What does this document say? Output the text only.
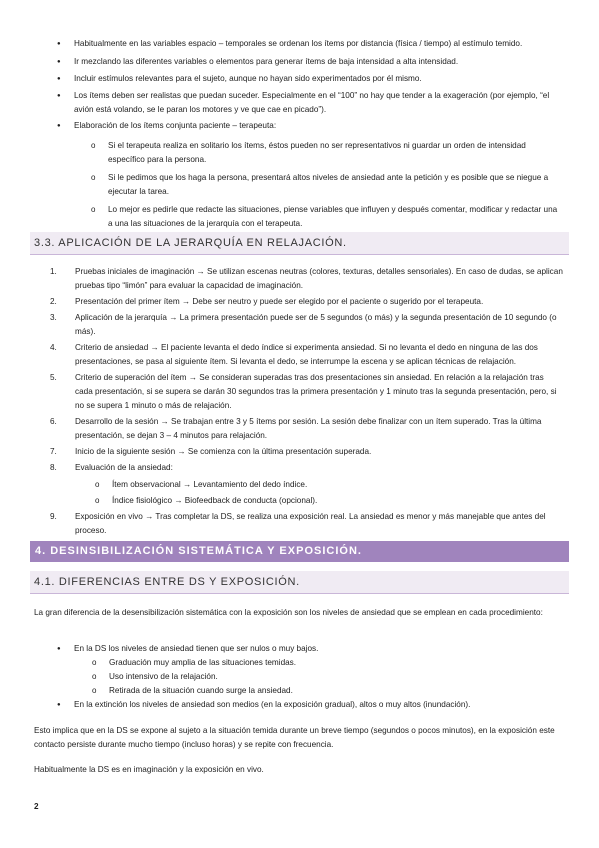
● Habitualmente en las variables espacio – temporales se ordenan los ítems por distancia (física / tiempo) al estímulo temido.
● Ir mezclando las diferentes variables o elementos para generar ítems de baja intensidad a alta intensidad.
● Incluir estímulos relevantes para el sujeto, aunque no hayan sido experimentados por él mismo.
● Los ítems deben ser realistas que puedan suceder. Especialmente en el “100” no hay que tender a la exageración (por ejemplo, “el avión está volando, se le paran los motores y ve que cae en picado”).
● Elaboración de los ítems conjunta paciente – terapeuta:
o Si el terapeuta realiza en solitario los ítems, éstos pueden no ser representativos ni guardar un orden de intensidad específico para la persona.
o Si le pedimos que los haga la persona, presentará altos niveles de ansiedad ante la petición y es posible que se niegue a ejecutar la tarea.
o Lo mejor es pedirle que redacte las situaciones, piense variables que influyen y después comentar, modificar y redactar una a una las situaciones de la jerarquía con el terapeuta.
3.3. APLICACIÓN DE LA JERARQUÍA EN RELAJACIÓN.
1.	Pruebas iniciales de imaginación → Se utilizan escenas neutras (colores, texturas, detalles sensoriales). En caso de dudas, se aplican pruebas tipo “limón” para evaluar la capacidad de imaginación.
2.	Presentación del primer ítem → Debe ser neutro y puede ser elegido por el paciente o sugerido por el terapeuta.
3.	Aplicación de la jerarquía → La primera presentación puede ser de 5 segundos (o más) y la segunda presentación de 10 segundo (o más).
4.	Criterio de ansiedad → El paciente levanta el dedo índice si experimenta ansiedad. Si no levanta el dedo en ninguna de las dos presentaciones, se pasa al siguiente ítem. Si levanta el dedo, se interrumpe la escena y se aplican técnicas de relajación.
5.	Criterio de superación del ítem → Se consideran superadas tras dos presentaciones sin ansiedad. En relación a la relajación tras cada presentación, si se supera se darán 30 segundos tras la primera presentación y 1 minuto tras la segunda presentación, pero, si no se supera 1 minuto o más de relajación.
6.	Desarrollo de la sesión → Se trabajan entre 3 y 5 ítems por sesión. La sesión debe finalizar con un ítem superado. Tras la última presentación, se dejan 3 – 4 minutos para relajación.
7.	Inicio de la siguiente sesión → Se comienza con la última presentación superada.
8.	Evaluación de la ansiedad:
o Ítem observacional → Levantamiento del dedo índice.
o Índice fisiológico → Biofeedback de conducta (opcional).
9.	Exposición en vivo → Tras completar la DS, se realiza una exposición real. La ansiedad es menor y más manejable que antes del proceso.
4. DESINSIBILIZACIÓN SISTEMÁTICA Y EXPOSICIÓN.
4.1. DIFERENCIAS ENTRE DS Y EXPOSICIÓN.

La gran diferencia de la desensibilización sistemática con la exposición son los niveles de ansiedad que se emplean en cada procedimiento:

● En la DS los niveles de ansiedad tienen que ser nulos o muy bajos.
o Graduación muy amplia de las situaciones temidas.
o Uso intensivo de la relajación.
o Retirada de la situación cuando surge la ansiedad.
● En la extinción los niveles de ansiedad son medios (en la exposición gradual), altos o muy altos (inundación).

Esto implica que en la DS se expone al sujeto a la situación temida durante un breve tiempo (segundos o pocos minutos), en la exposición este contacto persiste durante mucho tiempo (incluso horas) y se repite con frecuencia.

Habitualmente la DS es en imaginación y la exposición en vivo.

2
